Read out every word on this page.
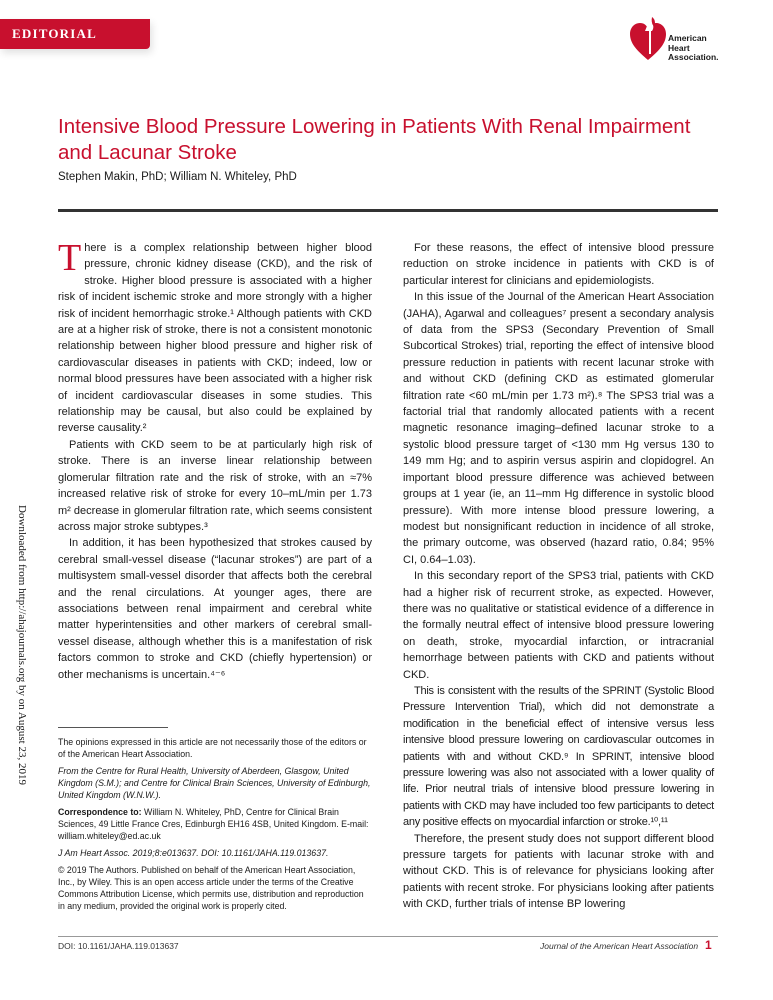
EDITORIAL	American
Heart
Association.
Intensive Blood Pressure Lowering in Patients With Renal Impairment and Lacunar Stroke
Stephen Makin, PhD; William N. Whiteley, PhD

There is a complex relationship between higher blood pressure, chronic kidney disease (CKD), and the risk of stroke. Higher blood pressure is associated with a higher risk of incident ischemic stroke and more strongly with a higher risk of incident hemorrhagic stroke.¹ Although patients with CKD are at a higher risk of stroke, there is not a consistent monotonic relationship between higher blood pressure and higher risk of cardiovascular diseases in patients with CKD; indeed, low or normal blood pressures have been associated with a higher risk of incident cardiovascular diseases in some studies. This relationship may be causal, but also could be explained by reverse causality.²

Patients with CKD seem to be at particularly high risk of stroke. There is an inverse linear relationship between glomerular filtration rate and the risk of stroke, with an ≈7% increased relative risk of stroke for every 10‒mL/min per 1.73 m² decrease in glomerular filtration rate, which seems consistent across major stroke subtypes.³

In addition, it has been hypothesized that strokes caused by cerebral small-vessel disease (“lacunar strokes”) are part of a multisystem small-vessel disorder that affects both the cerebral and the renal circulations. At younger ages, there are associations between renal impairment and cerebral white matter hyperintensities and other markers of cerebral small-vessel disease, although whether this is a manifestation of risk factors common to stroke and CKD (chiefly hypertension) or other mechanisms is uncertain.⁴⁻⁶

For these reasons, the effect of intensive blood pressure reduction on stroke incidence in patients with CKD is of particular interest for clinicians and epidemiologists.

In this issue of the Journal of the American Heart Association (JAHA), Agarwal and colleagues⁷ present a secondary analysis of data from the SPS3 (Secondary Prevention of Small Subcortical Strokes) trial, reporting the effect of intensive blood pressure reduction in patients with recent lacunar stroke with and without CKD (defining CKD as estimated glomerular filtration rate <60 mL/min per 1.73 m²).⁸ The SPS3 trial was a factorial trial that randomly allocated patients with a recent magnetic resonance imaging–defined lacunar stroke to a systolic blood pressure target of <130 mm Hg versus 130 to 149 mm Hg; and to aspirin versus aspirin and clopidogrel. An important blood pressure difference was achieved between groups at 1 year (ie, an 11–mm Hg difference in systolic blood pressure). With more intense blood pressure lowering, a modest but nonsignificant reduction in incidence of all stroke, the primary outcome, was observed (hazard ratio, 0.84; 95% CI, 0.64–1.03).

In this secondary report of the SPS3 trial, patients with CKD had a higher risk of recurrent stroke, as expected. However, there was no qualitative or statistical evidence of a difference in the formally neutral effect of intensive blood pressure lowering on death, stroke, myocardial infarction, or intracranial hemorrhage between patients with CKD and patients without CKD.

This is consistent with the results of the SPRINT (Systolic Blood Pressure Intervention Trial), which did not demonstrate a modification in the beneficial effect of intensive versus less intensive blood pressure lowering on cardiovascular outcomes in patients with and without CKD.⁹ In SPRINT, intensive blood pressure lowering was also not associated with a lower quality of life. Prior neutral trials of intensive blood pressure lowering in patients with CKD may have included too few participants to detect any positive effects on myocardial infarction or stroke.¹⁰,¹¹

Therefore, the present study does not support different blood pressure targets for patients with lacunar stroke with and without CKD. This is of relevance for physicians looking after patients with recent stroke. For physicians looking after patients with CKD, further trials of intense BP lowering

Downloaded from http://ahajournals.org by on August 23, 2019	The opinions expressed in this article are not necessarily those of the editors or of the American Heart Association.

From the Centre for Rural Health, University of Aberdeen, Glasgow, United Kingdom (S.M.); and Centre for Clinical Brain Sciences, University of Edinburgh, United Kingdom (W.N.W.).

Correspondence to: William N. Whiteley, PhD, Centre for Clinical Brain Sciences, 49 Little France Cres, Edinburgh EH16 4SB, United Kingdom. E-mail: william.whiteley@ed.ac.uk

J Am Heart Assoc. 2019;8:e013637. DOI: 10.1161/JAHA.119.013637.

© 2019 The Authors. Published on behalf of the American Heart Association, Inc., by Wiley. This is an open access article under the terms of the Creative Commons Attribution License, which permits use, distribution and reproduction in any medium, provided the original work is properly cited.

DOI: 10.1161/JAHA.119.013637	Journal of the American Heart Association 1
